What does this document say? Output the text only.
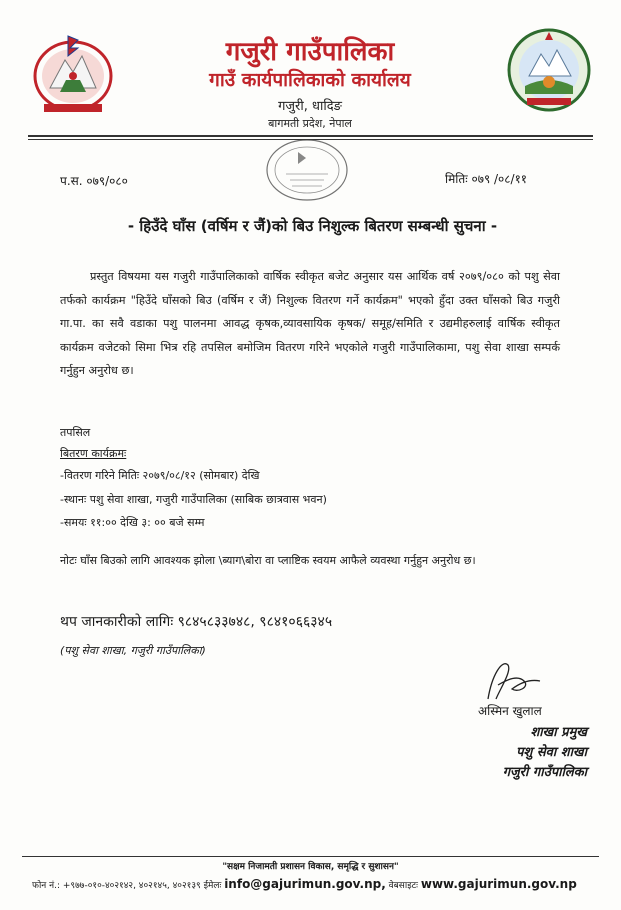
गजुरी गाउँपालिका
गाउँ कार्यपालिकाको कार्यालय
गजुरी, धादिङ
बागमती प्रदेश, नेपाल
प.स. ०७९/०८०	मितिः ०७९ /०८/११
- हिउँदे घाँस (वर्षिम र जैं)को बिउ निशुल्क बितरण सम्बन्धी सुचना -
प्रस्तुत विषयमा यस गजुरी गाउँपालिकाको वार्षिक स्वीकृत बजेट अनुसार यस आर्थिक वर्ष २०७९/०८० को पशु सेवा तर्फको कार्यक्रम "हिउँदे घाँसको बिउ (वर्षिम र जैं) निशुल्क वितरण गर्ने कार्यक्रम" भएको हुँदा उक्त घाँसको बिउ गजुरी गा.पा. का सवै वडाका पशु पालनमा आवद्ध कृषक,व्यावसायिक कृषक/ समूह/समिति र उद्यमीहरुलाई वार्षिक स्वीकृत कार्यक्रम वजेटको सिमा भित्र रहि तपसिल बमोजिम वितरण गरिने भएकोले गजुरी गाउँपालिकामा, पशु सेवा शाखा सम्पर्क गर्नुहुन अनुरोध छ।
तपसिल
बितरण कार्यक्रमः
-वितरण गरिने मितिः २०७९/०८/१२ (सोमबार) देखि
-स्थानः पशु सेवा शाखा, गजुरी गाउँपालिका (साबिक छात्रवास भवन)
-समयः ११:०० देखि ३: ०० बजे सम्म
नोटः घाँस बिउको लागि आवश्यक झोला \ब्याग\बोरा वा प्लाष्टिक स्वयम आफैले व्यवस्था गर्नुहुन अनुरोध छ।
थप जानकारीको लागिः ९८४५८३३७४८, ९८४१०६६३४५
(पशु सेवा शाखा, गजुरी गाउँपालिका)
अस्मिन खुलाल
शाखा प्रमुख
पशु सेवा शाखा
गजुरी गाउँपालिका
"सक्षम निजामती प्रशासन विकास, समृद्धि र सुशासन"
फोन नं.: +९७७-०१०-४०२१४२, ४०२१४५, ४०२१३९ ईमेलः info@gajurimun.gov.np, वेबसाइटः www.gajurimun.gov.np
